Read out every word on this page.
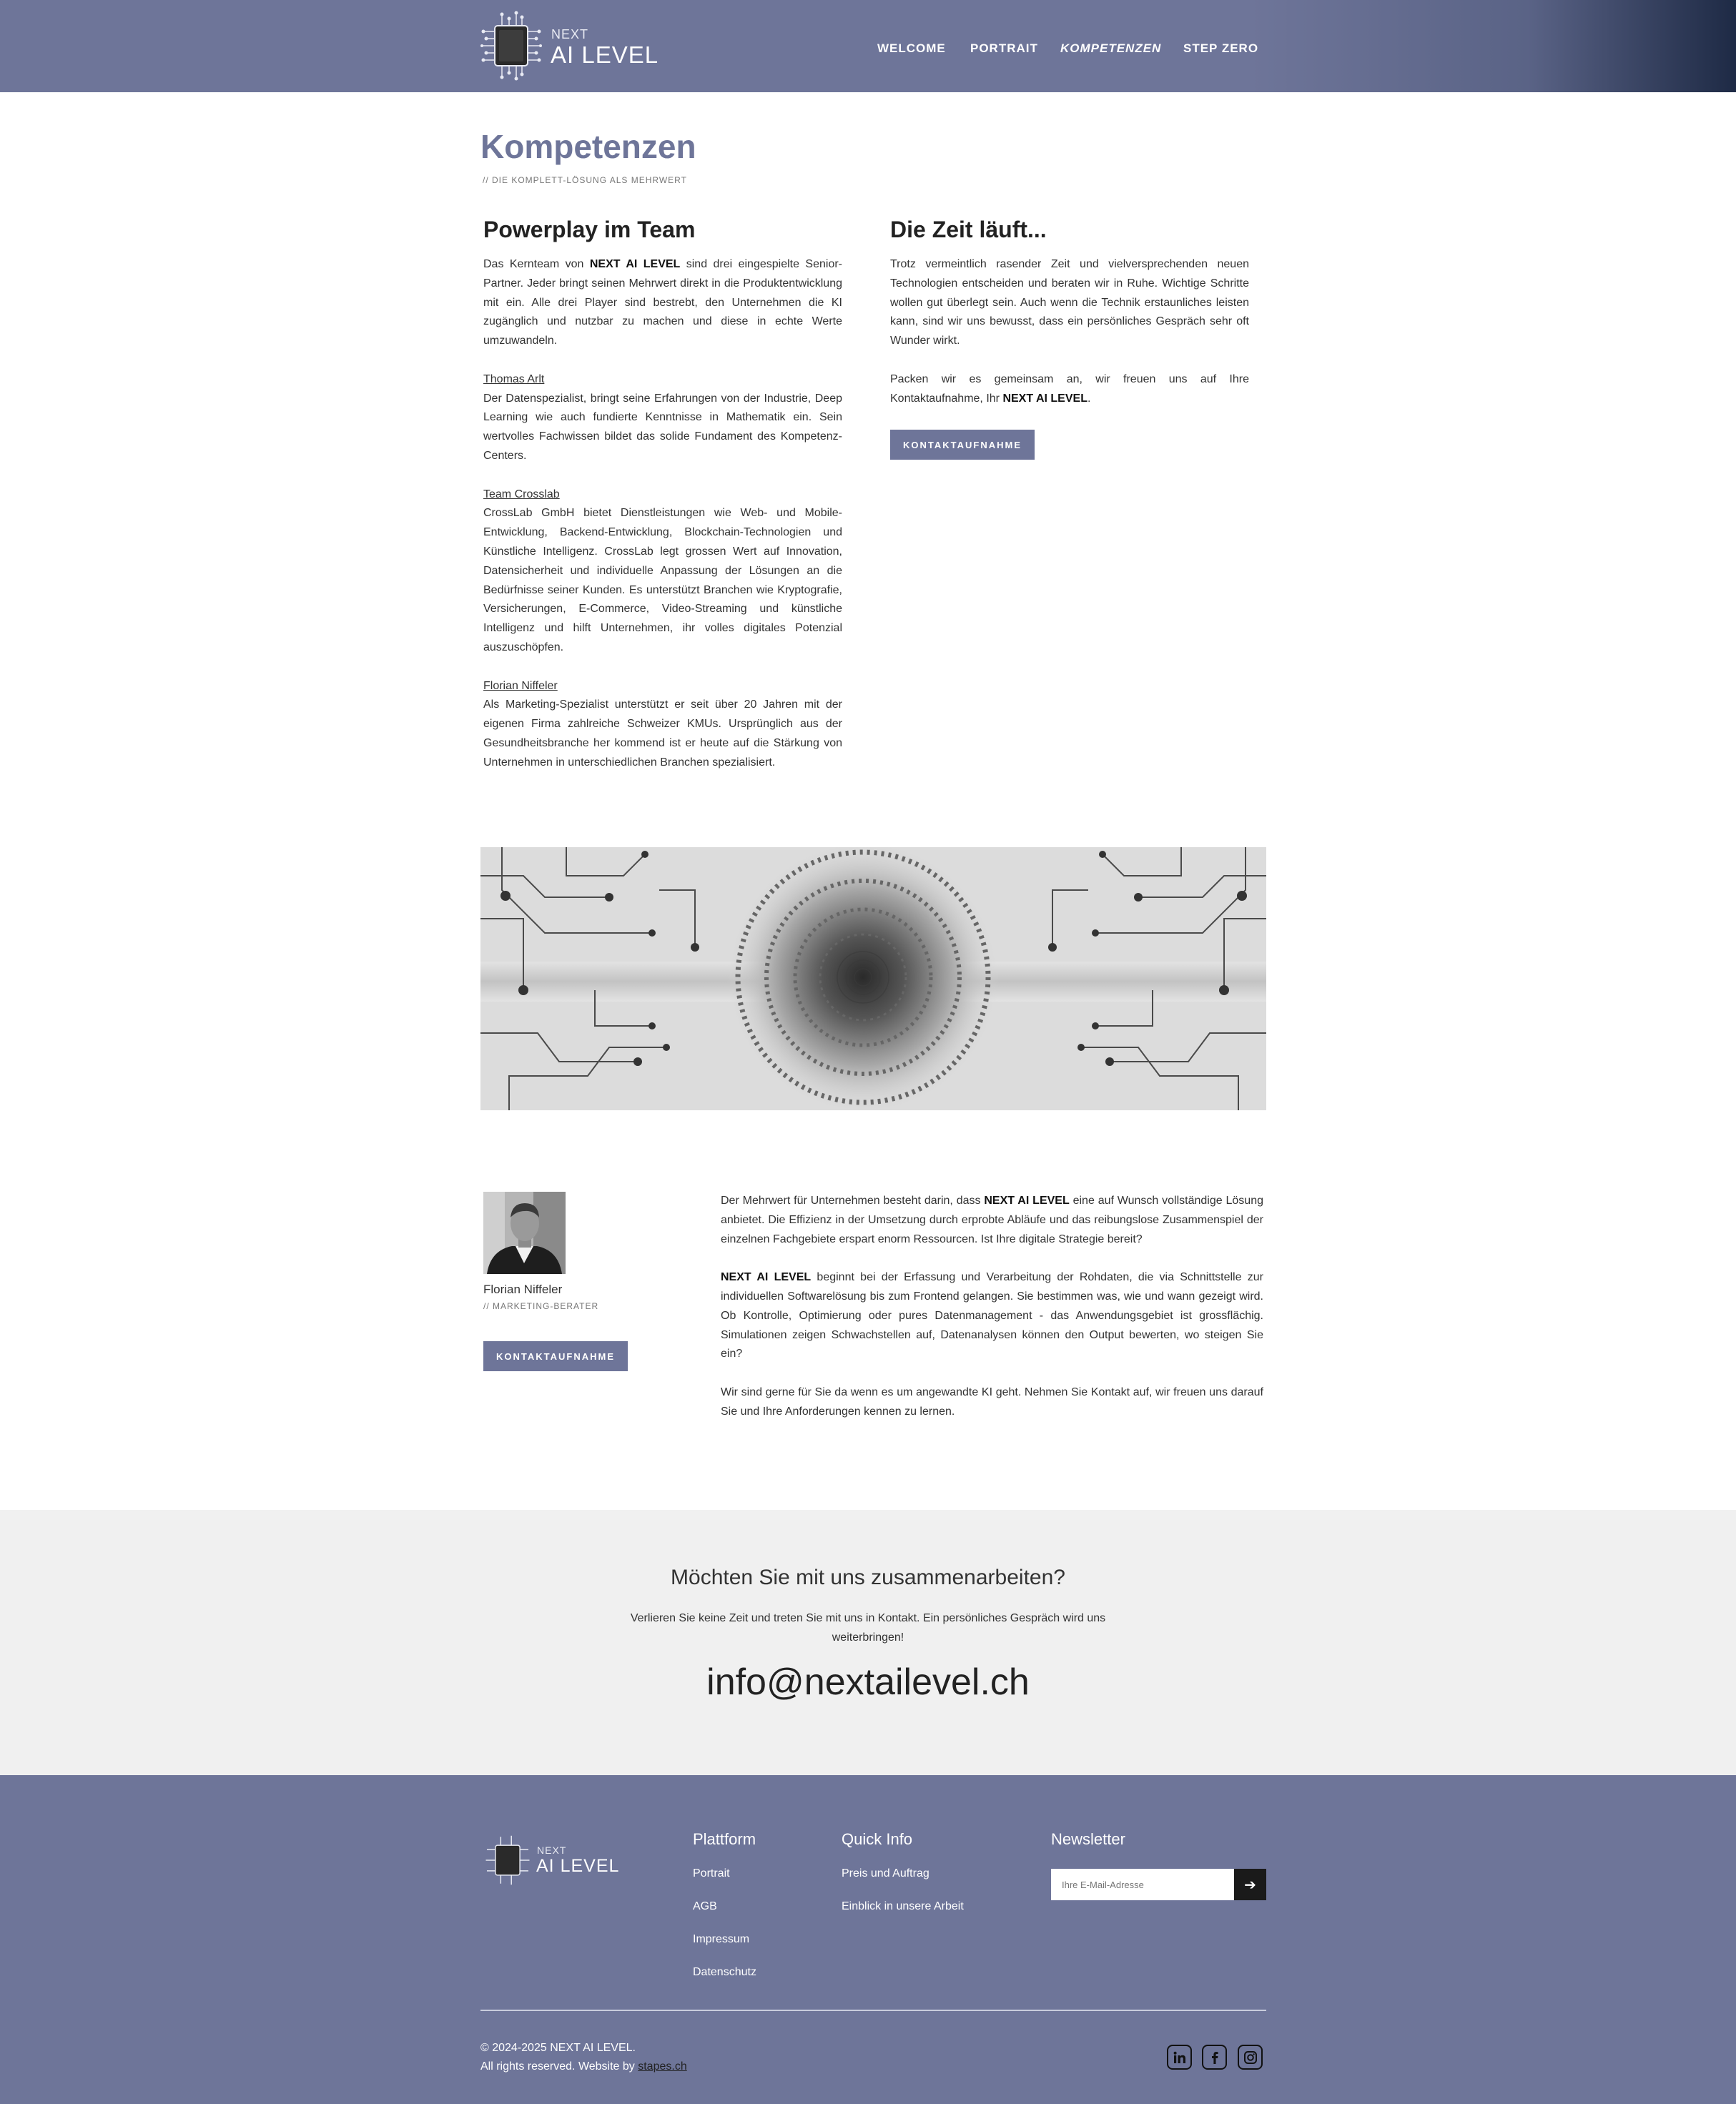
NEXT
AI LEVEL	WELCOME PORTRAIT KOMPETENZEN STEP ZERO
Kompetenzen
// DIE KOMPLETT-LÖSUNG ALS MEHRWERT
Powerplay im Team

Das Kernteam von NEXT AI LEVEL sind drei eingespielte Senior-Partner. Jeder bringt seinen Mehrwert direkt in die Produktentwicklung mit ein. Alle drei Player sind bestrebt, den Unternehmen die KI zugänglich und nutzbar zu machen und diese in echte Werte umzuwandeln.

Thomas Arlt
Der Datenspezialist, bringt seine Erfahrungen von der Industrie, Deep Learning wie auch fundierte Kenntnisse in Mathematik ein. Sein wertvolles Fachwissen bildet das solide Fundament des Kompetenz-Centers.

Team Crosslab
CrossLab GmbH bietet Dienstleistungen wie Web- und Mobile-Entwicklung, Backend-Entwicklung, Blockchain-Technologien und Künstliche Intelligenz. CrossLab legt grossen Wert auf Innovation, Datensicherheit und individuelle Anpassung der Lösungen an die Bedürfnisse seiner Kunden. Es unterstützt Branchen wie Kryptografie, Versicherungen, E-Commerce, Video-Streaming und künstliche Intelligenz und hilft Unternehmen, ihr volles digitales Potenzial auszuschöpfen.

Florian Niffeler
Als Marketing-Spezialist unterstützt er seit über 20 Jahren mit der eigenen Firma zahlreiche Schweizer KMUs. Ursprünglich aus der Gesundheitsbranche her kommend ist er heute auf die Stärkung von Unternehmen in unterschiedlichen Branchen spezialisiert.

Die Zeit läuft...

Trotz vermeintlich rasender Zeit und vielversprechenden neuen Technologien entscheiden und beraten wir in Ruhe. Wichtige Schritte wollen gut überlegt sein. Auch wenn die Technik erstaunliches leisten kann, sind wir uns bewusst, dass ein persönliches Gespräch sehr oft Wunder wirkt.

Packen wir es gemeinsam an, wir freuen uns auf Ihre Kontaktaufnahme, Ihr NEXT AI LEVEL.

KONTAKTAUFNAHME
Florian Niffeler
// MARKETING-BERATER
KONTAKTAUFNAHME

Der Mehrwert für Unternehmen besteht darin, dass NEXT AI LEVEL eine auf Wunsch vollständige Lösung anbietet. Die Effizienz in der Umsetzung durch erprobte Abläufe und das reibungslose Zusammenspiel der einzelnen Fachgebiete erspart enorm Ressourcen. Ist Ihre digitale Strategie bereit?

NEXT AI LEVEL beginnt bei der Erfassung und Verarbeitung der Rohdaten, die via Schnittstelle zur individuellen Softwarelösung bis zum Frontend gelangen. Sie bestimmen was, wie und wann gezeigt wird. Ob Kontrolle, Optimierung oder pures Datenmanagement - das Anwendungsgebiet ist grossflächig. Simulationen zeigen Schwachstellen auf, Datenanalysen können den Output bewerten, wo steigen Sie ein?

Wir sind gerne für Sie da wenn es um angewandte KI geht. Nehmen Sie Kontakt auf, wir freuen uns darauf Sie und Ihre Anforderungen kennen zu lernen.

Möchten Sie mit uns zusammenarbeiten?
Verlieren Sie keine Zeit und treten Sie mit uns in Kontakt. Ein persönliches Gespräch wird uns weiterbringen!
info@nextailevel.ch
NEXT
AI LEVEL
Plattform
Portrait
AGB
Impressum
Datenschutz
Quick Info
Preis und Auftrag
Einblick in unsere Arbeit
Newsletter
Ihre E-Mail-Adresse
➔
© 2024-2025 NEXT AI LEVEL.
All rights reserved. Website by stapes.ch
